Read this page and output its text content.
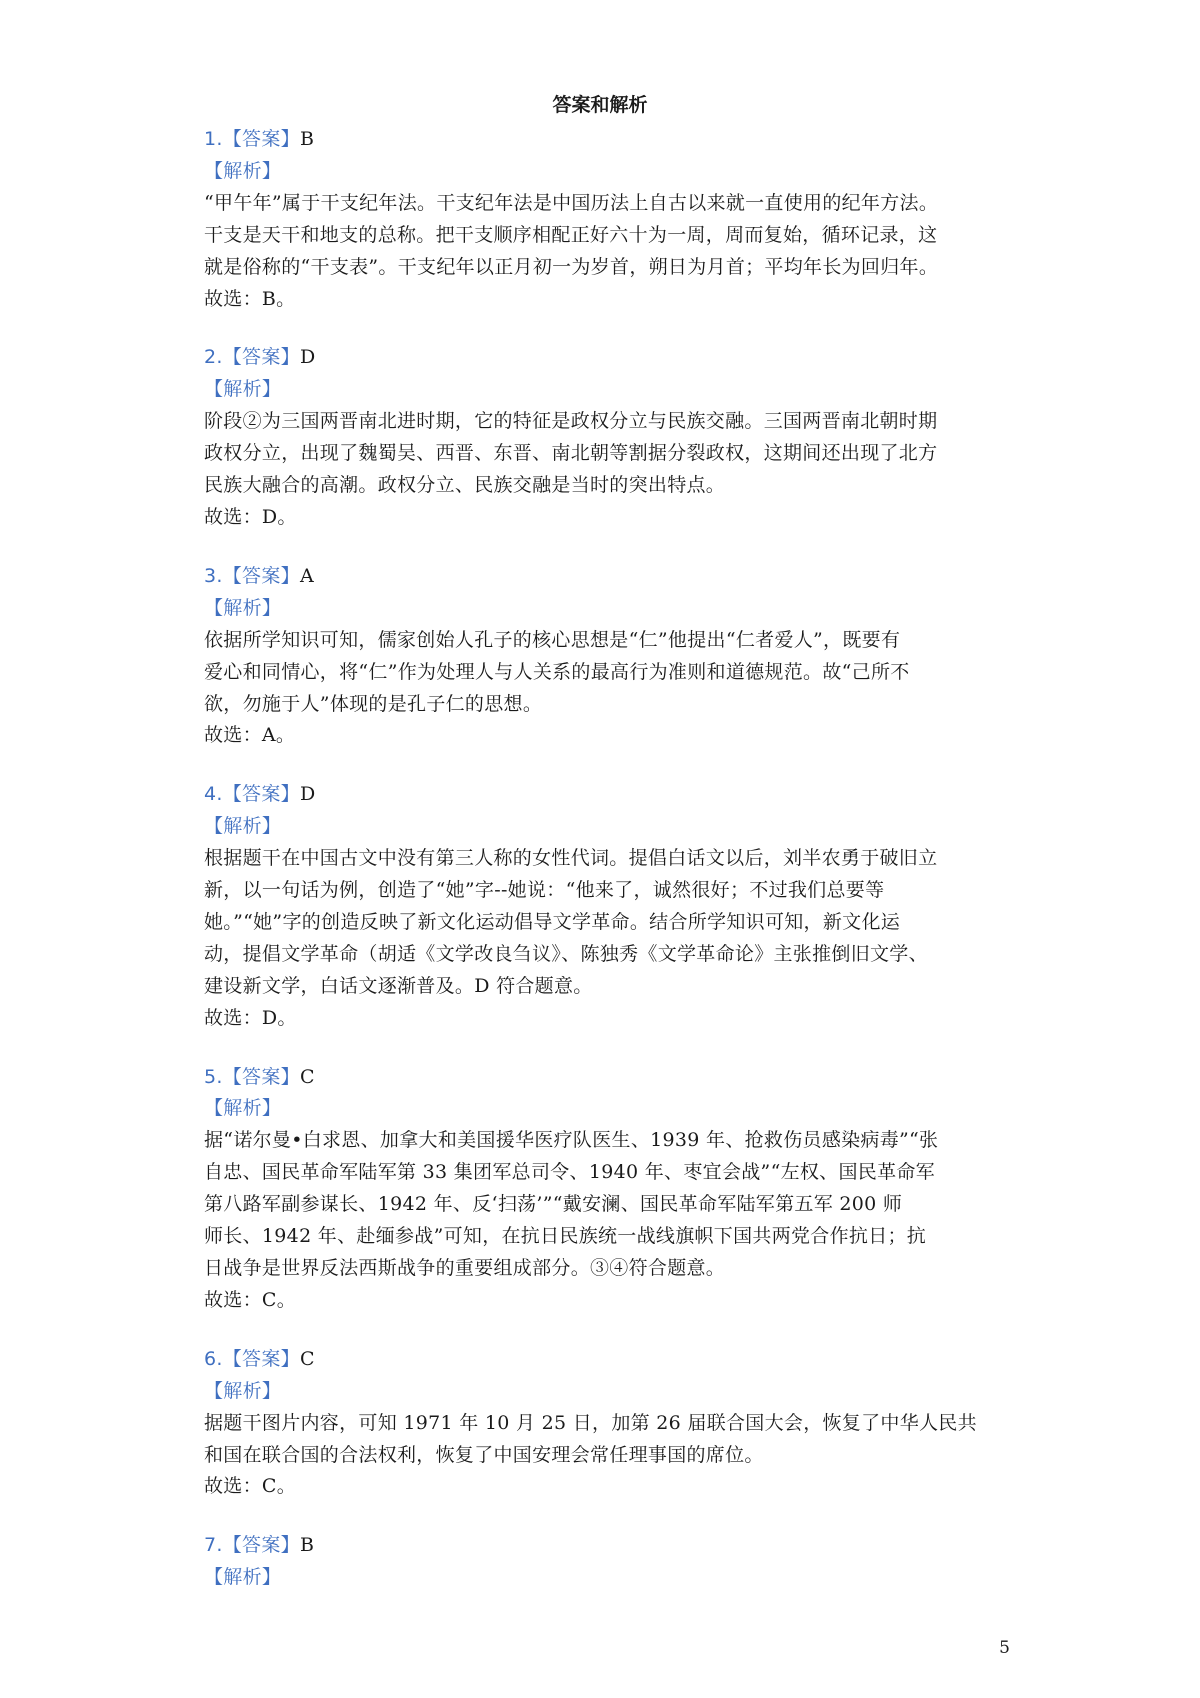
答案和解析

1.【答案】B

【解析】

“甲午年”属于干支纪年法。干支纪年法是中国历法上自古以来就一直使用的纪年方法。

干支是天干和地支的总称。把干支顺序相配正好六十为一周，周而复始，循环记录，这

就是俗称的“干支表”。干支纪年以正月初一为岁首，朔日为月首；平均年长为回归年。

故选：B。

2.【答案】D

【解析】

阶段②为三国两晋南北进时期，它的特征是政权分立与民族交融。三国两晋南北朝时期

政权分立，出现了魏蜀吴、西晋、东晋、南北朝等割据分裂政权，这期间还出现了北方

民族大融合的高潮。政权分立、民族交融是当时的突出特点。

故选：D。

3.【答案】A

【解析】

依据所学知识可知，儒家创始人孔子的核心思想是“仁”他提出“仁者爱人”，既要有

爱心和同情心，将“仁”作为处理人与人关系的最高行为准则和道德规范。故“己所不

欲，勿施于人”体现的是孔子仁的思想。

故选：A。

4.【答案】D

【解析】

根据题干在中国古文中没有第三人称的女性代词。提倡白话文以后，刘半农勇于破旧立

新，以一句话为例，创造了“她”字--她说：“他来了，诚然很好；不过我们总要等

她。”“她”字的创造反映了新文化运动倡导文学革命。结合所学知识可知，新文化运

动，提倡文学革命（胡适《文学改良刍议》、陈独秀《文学革命论》主张推倒旧文学、

建设新文学，白话文逐渐普及。D 符合题意。

故选：D。

5.【答案】C

【解析】

据“诺尔曼•白求恩、加拿大和美国援华医疗队医生、1939 年、抢救伤员感染病毒”“张

自忠、国民革命军陆军第 33 集团军总司令、1940 年、枣宜会战”“左权、国民革命军

第八路军副参谋长、1942 年、反‘扫荡’”“戴安澜、国民革命军陆军第五军 200 师

师长、1942 年、赴缅参战”可知，在抗日民族统一战线旗帜下国共两党合作抗日；抗

日战争是世界反法西斯战争的重要组成部分。③④符合题意。

故选：C。

6.【答案】C

【解析】

据题干图片内容，可知 1971 年 10 月 25 日，加第 26 届联合国大会，恢复了中华人民共

和国在联合国的合法权利，恢复了中国安理会常任理事国的席位。

故选：C。

7.【答案】B

【解析】

5
